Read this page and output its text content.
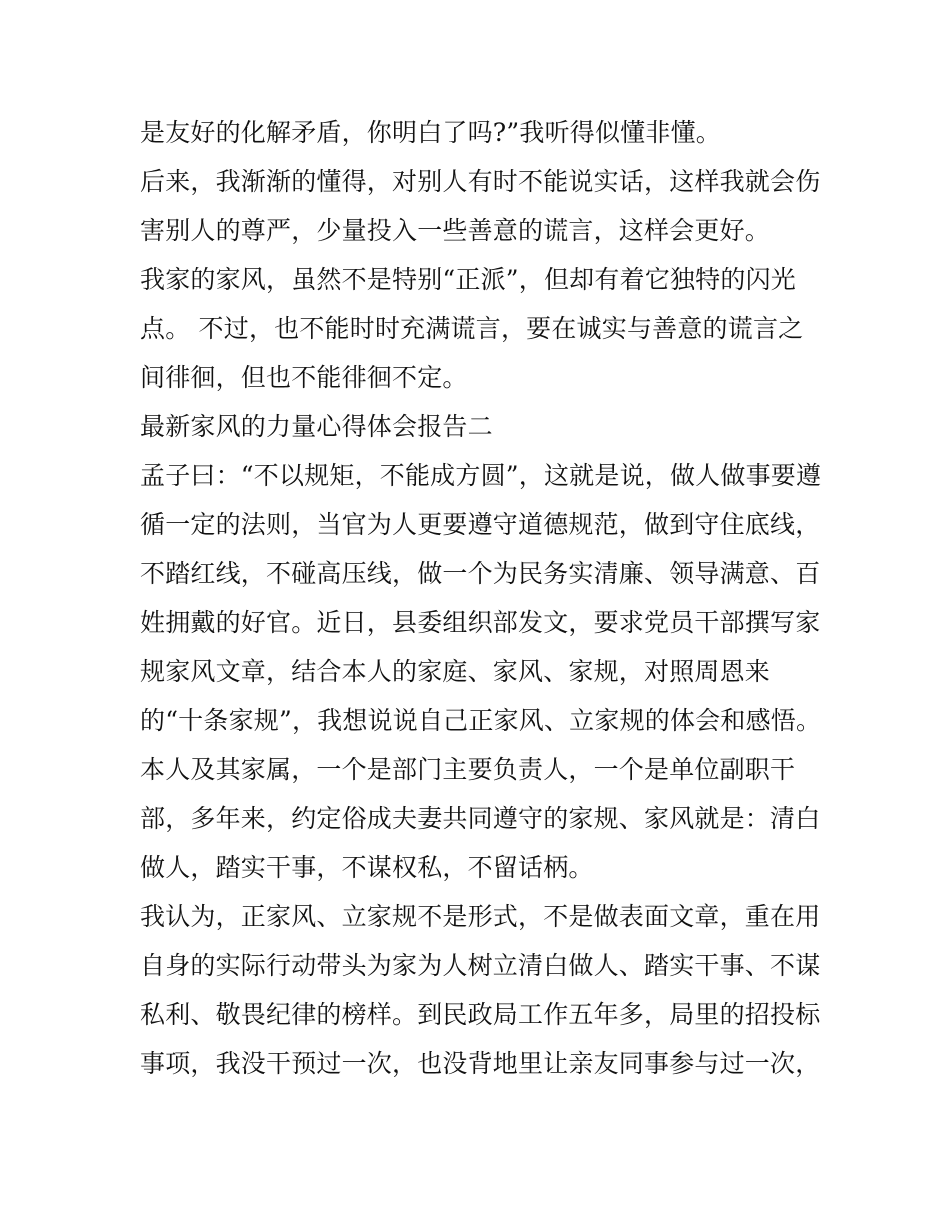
是友好的化解矛盾，你明白了吗?”我听得似懂非懂。
后来，我渐渐的懂得，对别人有时不能说实话，这样我就会伤
害别人的尊严，少量投入一些善意的谎言，这样会更好。
我家的家风，虽然不是特别“正派”，但却有着它独特的闪光
点。 不过，也不能时时充满谎言，要在诚实与善意的谎言之
间徘徊，但也不能徘徊不定。
最新家风的力量心得体会报告二
孟子曰：“不以规矩，不能成方圆”，这就是说，做人做事要遵
循一定的法则，当官为人更要遵守道德规范，做到守住底线，
不踏红线，不碰高压线，做一个为民务实清廉、领导满意、百
姓拥戴的好官。近日，县委组织部发文，要求党员干部撰写家
规家风文章，结合本人的家庭、家风、家规，对照周恩来
的“十条家规”，我想说说自己正家风、立家规的体会和感悟。
本人及其家属，一个是部门主要负责人，一个是单位副职干
部，多年来，约定俗成夫妻共同遵守的家规、家风就是：清白
做人，踏实干事，不谋权私，不留话柄。
我认为，正家风、立家规不是形式，不是做表面文章，重在用
自身的实际行动带头为家为人树立清白做人、踏实干事、不谋
私利、敬畏纪律的榜样。到民政局工作五年多，局里的招投标
事项，我没干预过一次，也没背地里让亲友同事参与过一次，
